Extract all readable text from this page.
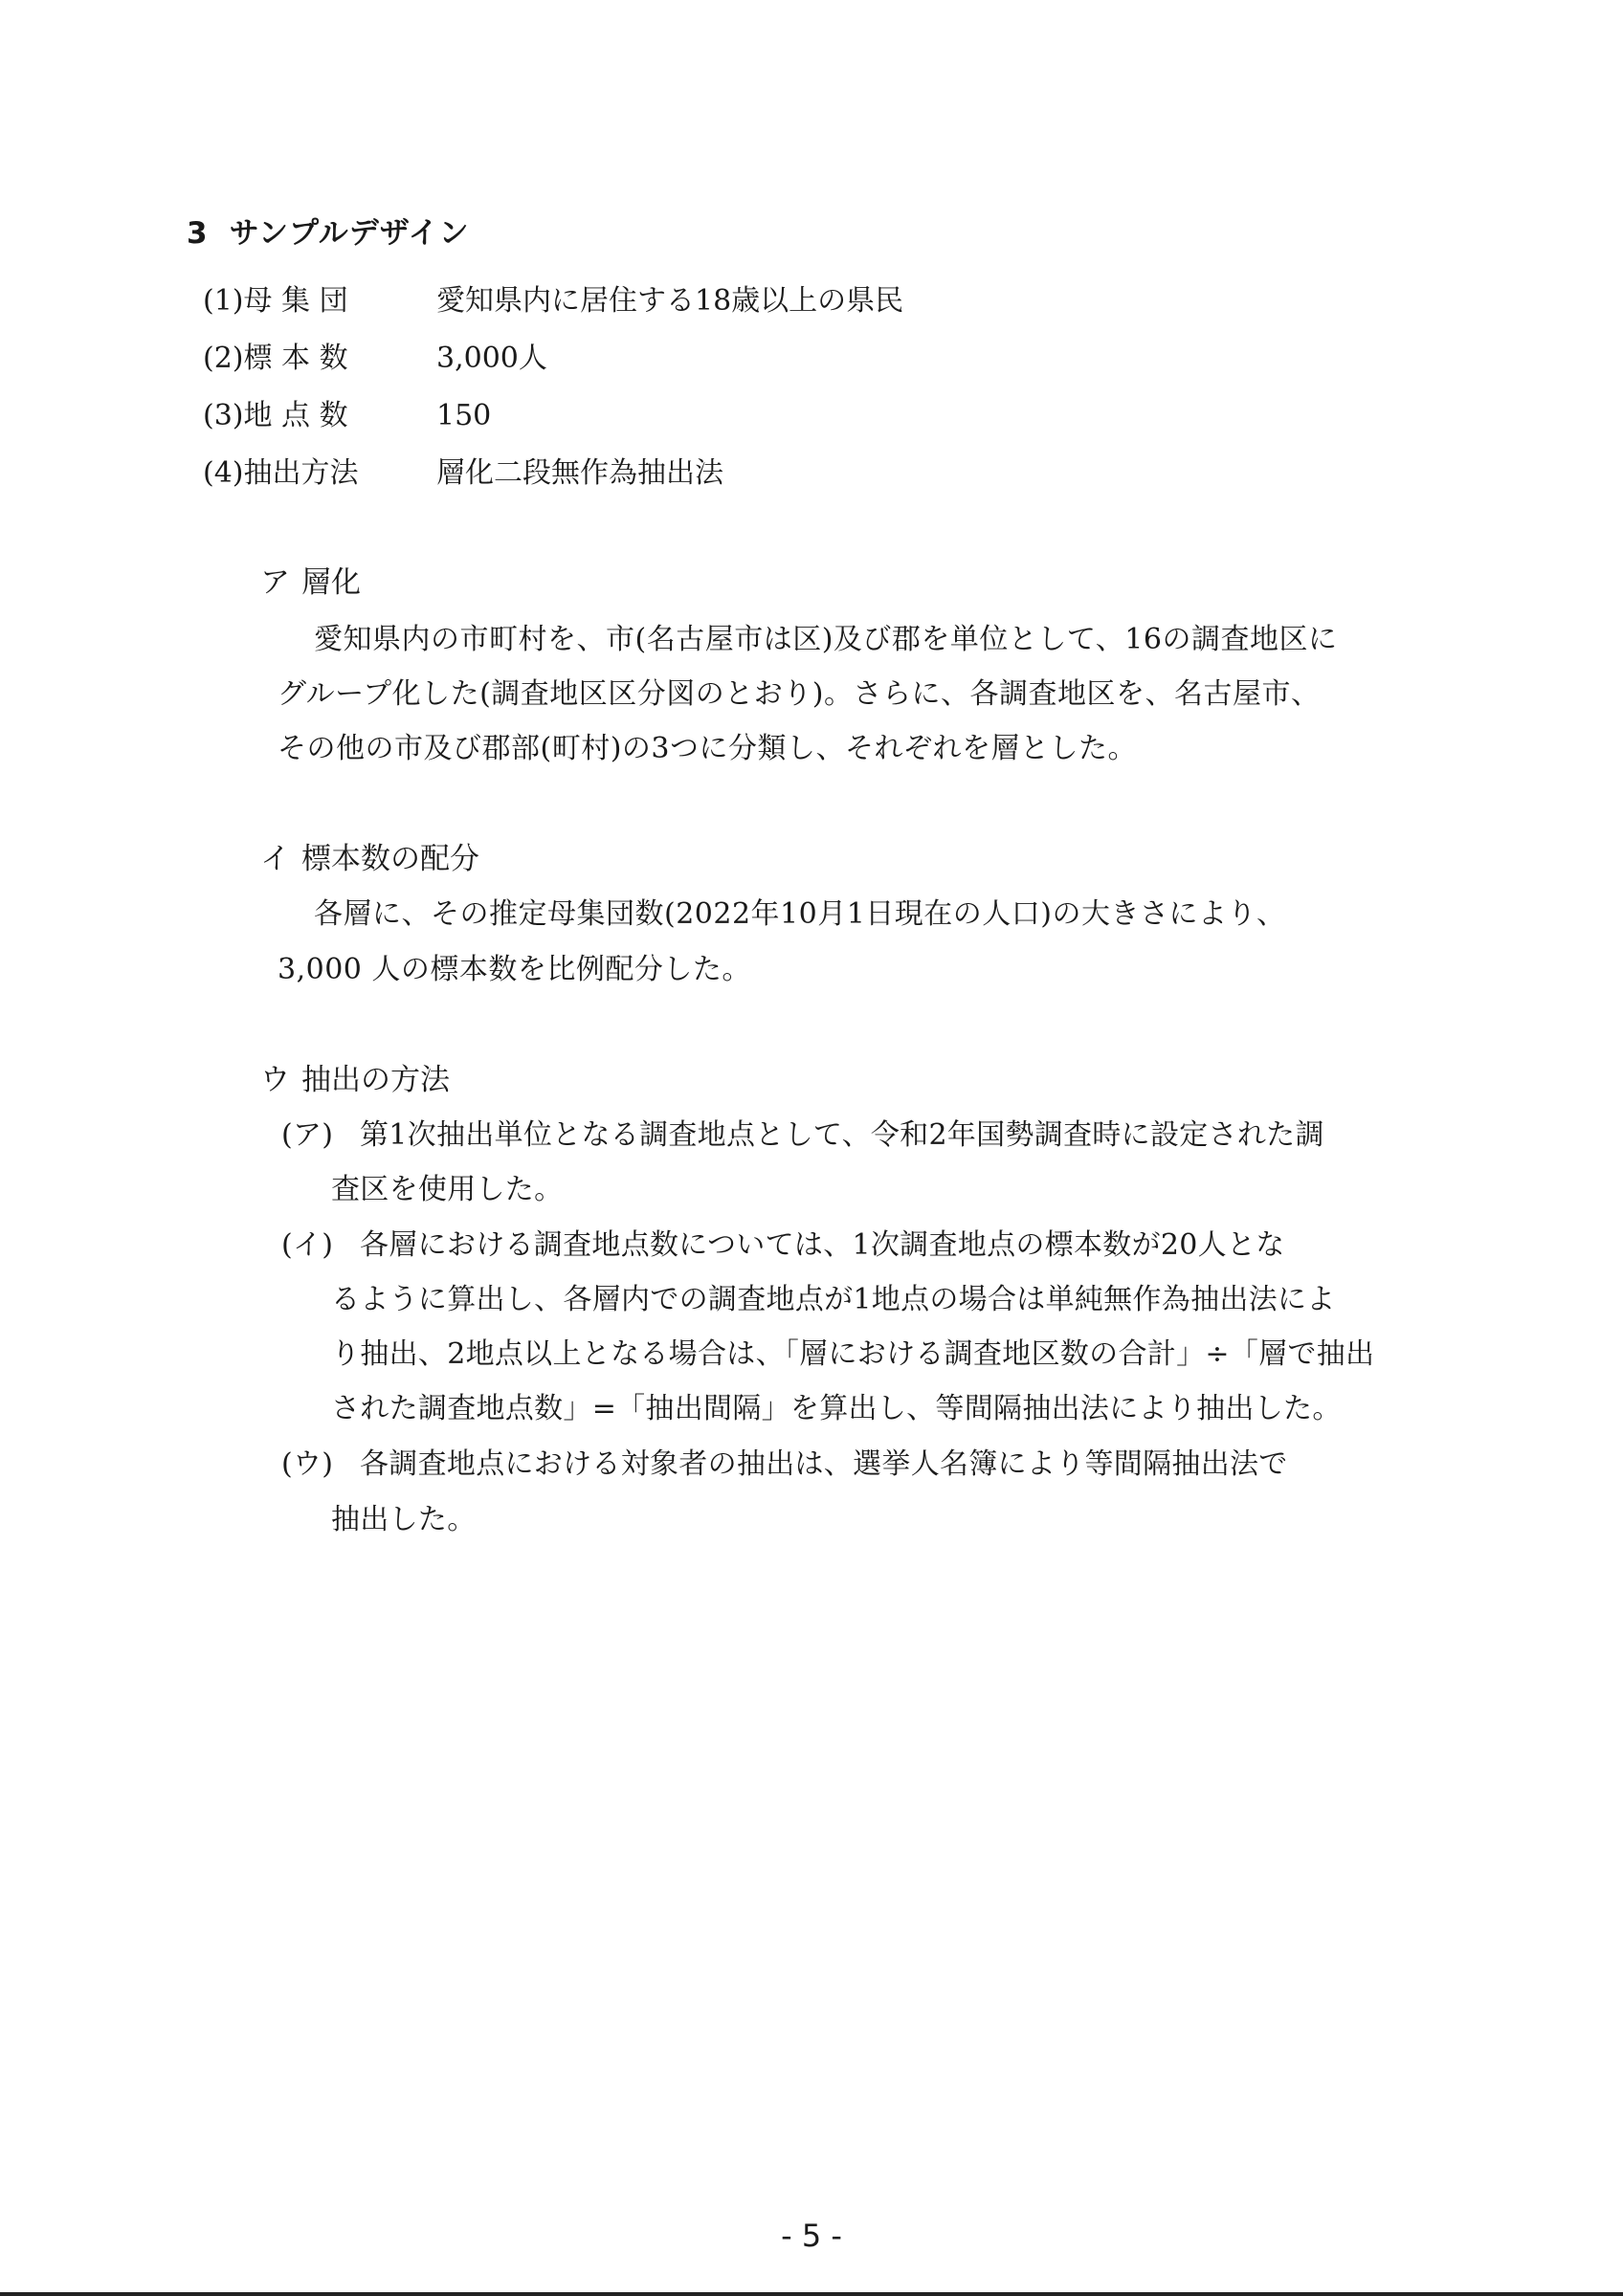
3 サンプルデザイン
(1)母 集 団	愛知県内に居住する18歳以上の県民
(2)標 本 数	3,000人
(3)地 点 数	150
(4)抽出方法	層化二段無作為抽出法
ア 層化
愛知県内の市町村を、市(名古屋市は区)及び郡を単位として、16の調査地区に
グループ化した(調査地区区分図のとおり)。さらに、各調査地区を、名古屋市、
その他の市及び郡部(町村)の3つに分類し、それぞれを層とした。
イ 標本数の配分
各層に、その推定母集団数(2022年10月1日現在の人口)の大きさにより、
3,000 人の標本数を比例配分した。
ウ 抽出の方法
(ア) 第1次抽出単位となる調査地点として、令和2年国勢調査時に設定された調
査区を使用した。
(イ) 各層における調査地点数については、1次調査地点の標本数が20人とな
るように算出し、各層内での調査地点が1地点の場合は単純無作為抽出法によ
り抽出、2地点以上となる場合は、「層における調査地区数の合計」÷「層で抽出
された調査地点数」=「抽出間隔」を算出し、等間隔抽出法により抽出した。
(ウ) 各調査地点における対象者の抽出は、選挙人名簿により等間隔抽出法で
抽出した。
- 5 -
